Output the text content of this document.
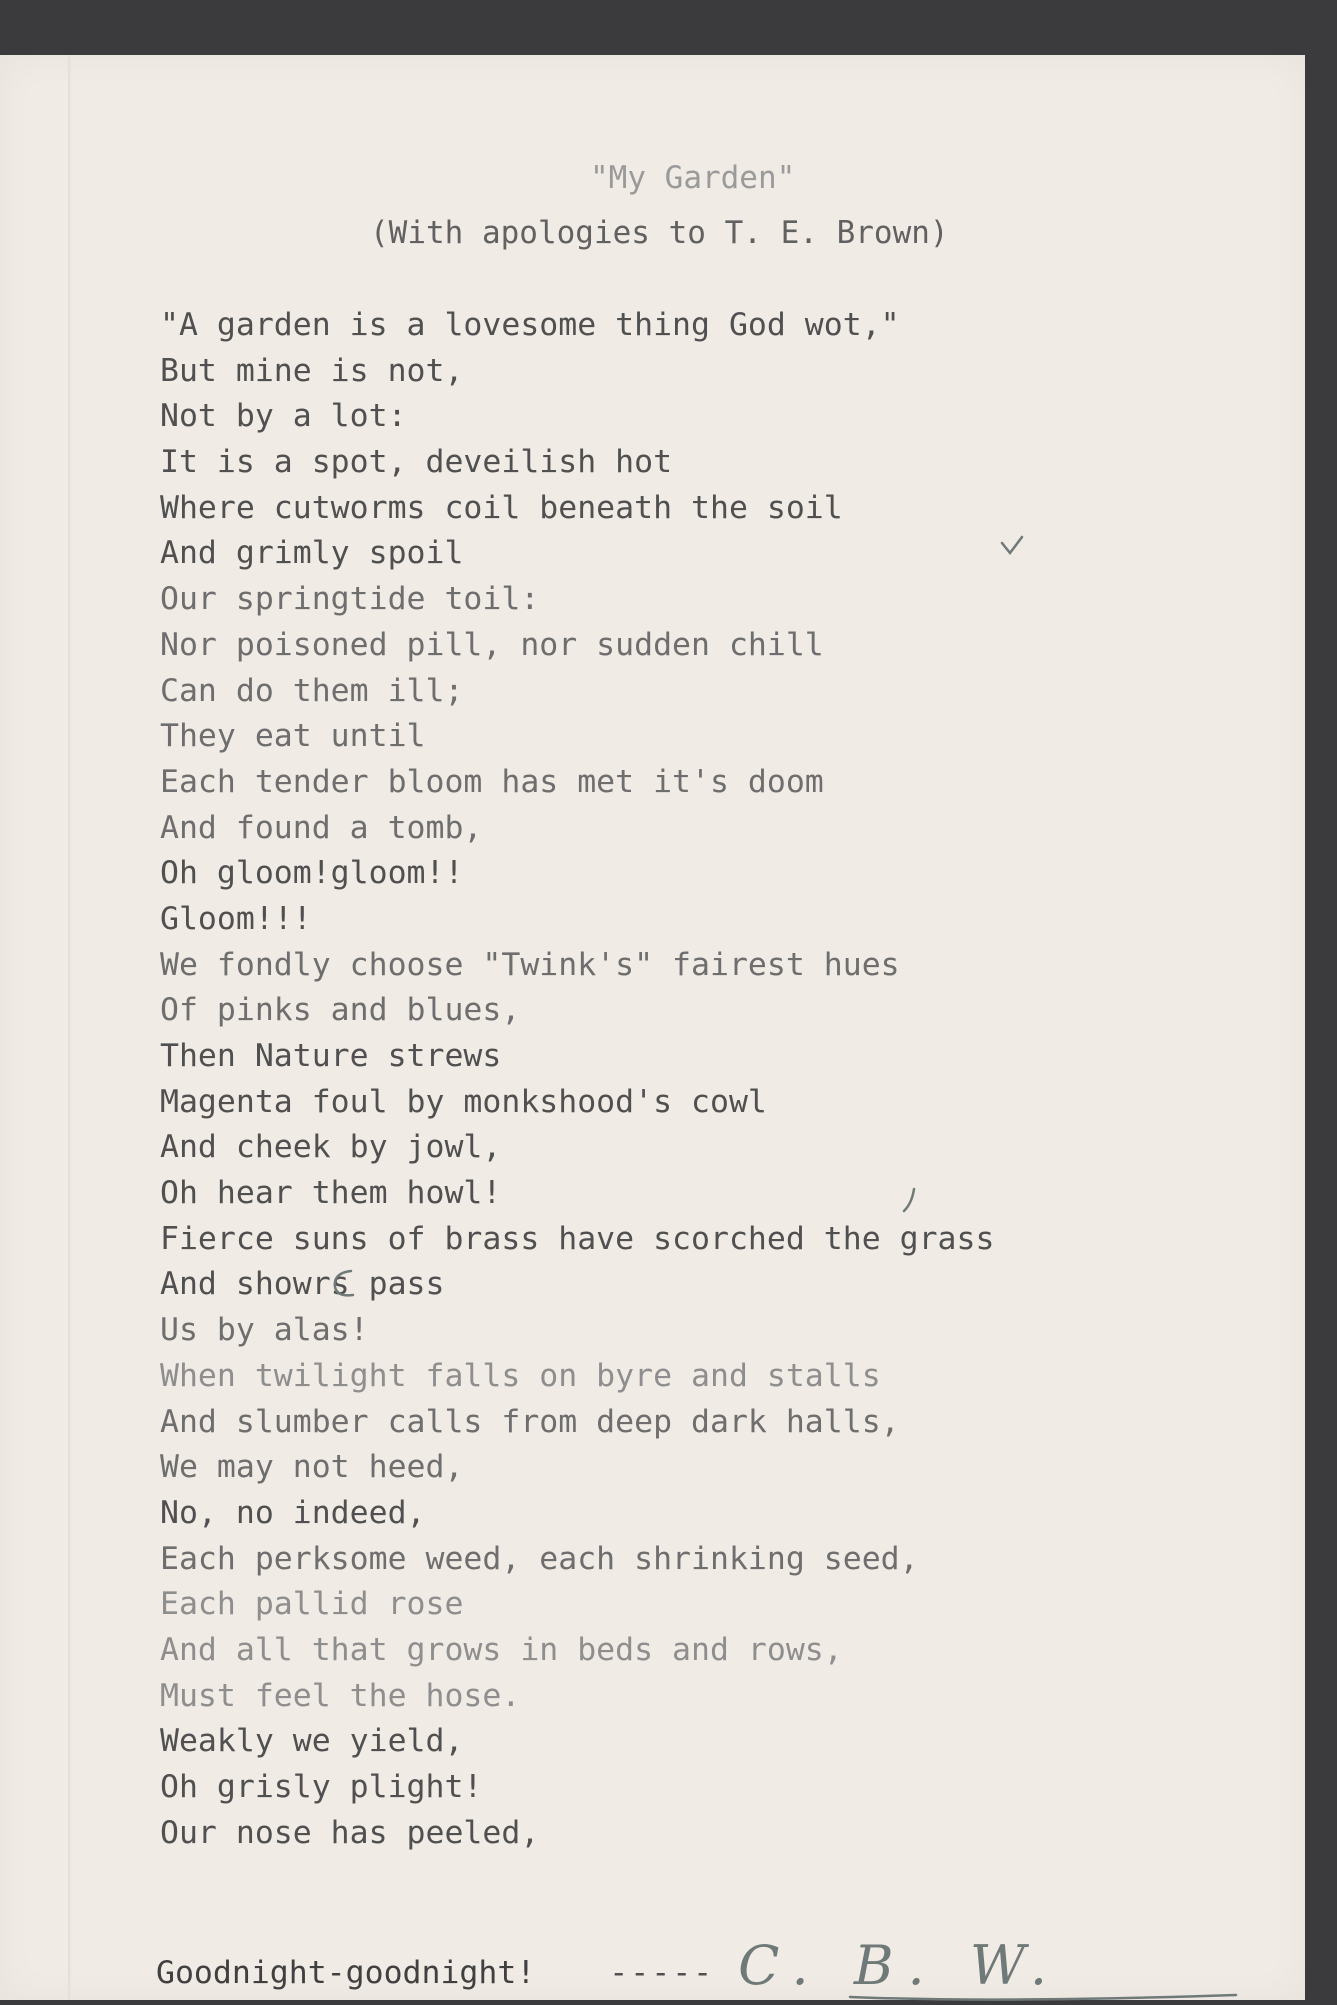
"My Garden"
(With apologies to T. E. Brown)
"A garden is a lovesome thing God wot,"
But mine is not,
Not by a lot:
It is a spot, deveilish hot
Where cutworms coil beneath the soil
And grimly spoil
Our springtide toil:
Nor poisoned pill, nor sudden chill
Can do them ill;
They eat until
Each tender bloom has met it's doom
And found a tomb,
Oh gloom!gloom!!
Gloom!!!
We fondly choose "Twink's" fairest hues
Of pinks and blues,
Then Nature strews
Magenta foul by monkshood's cowl
And cheek by jowl,
Oh hear them howl!
Fierce suns of brass have scorched the grass
And showrs pass
Us by alas!
When twilight falls on byre and stalls
And slumber calls from deep dark halls,
We may not heed,
No, no indeed,
Each perksome weed, each shrinking seed,
Each pallid rose
And all that grows in beds and rows,
Must feel the hose.
Weakly we yield,
Oh grisly plight!
Our nose has peeled,
Goodnight-goodnight! ----- C. B. W.
